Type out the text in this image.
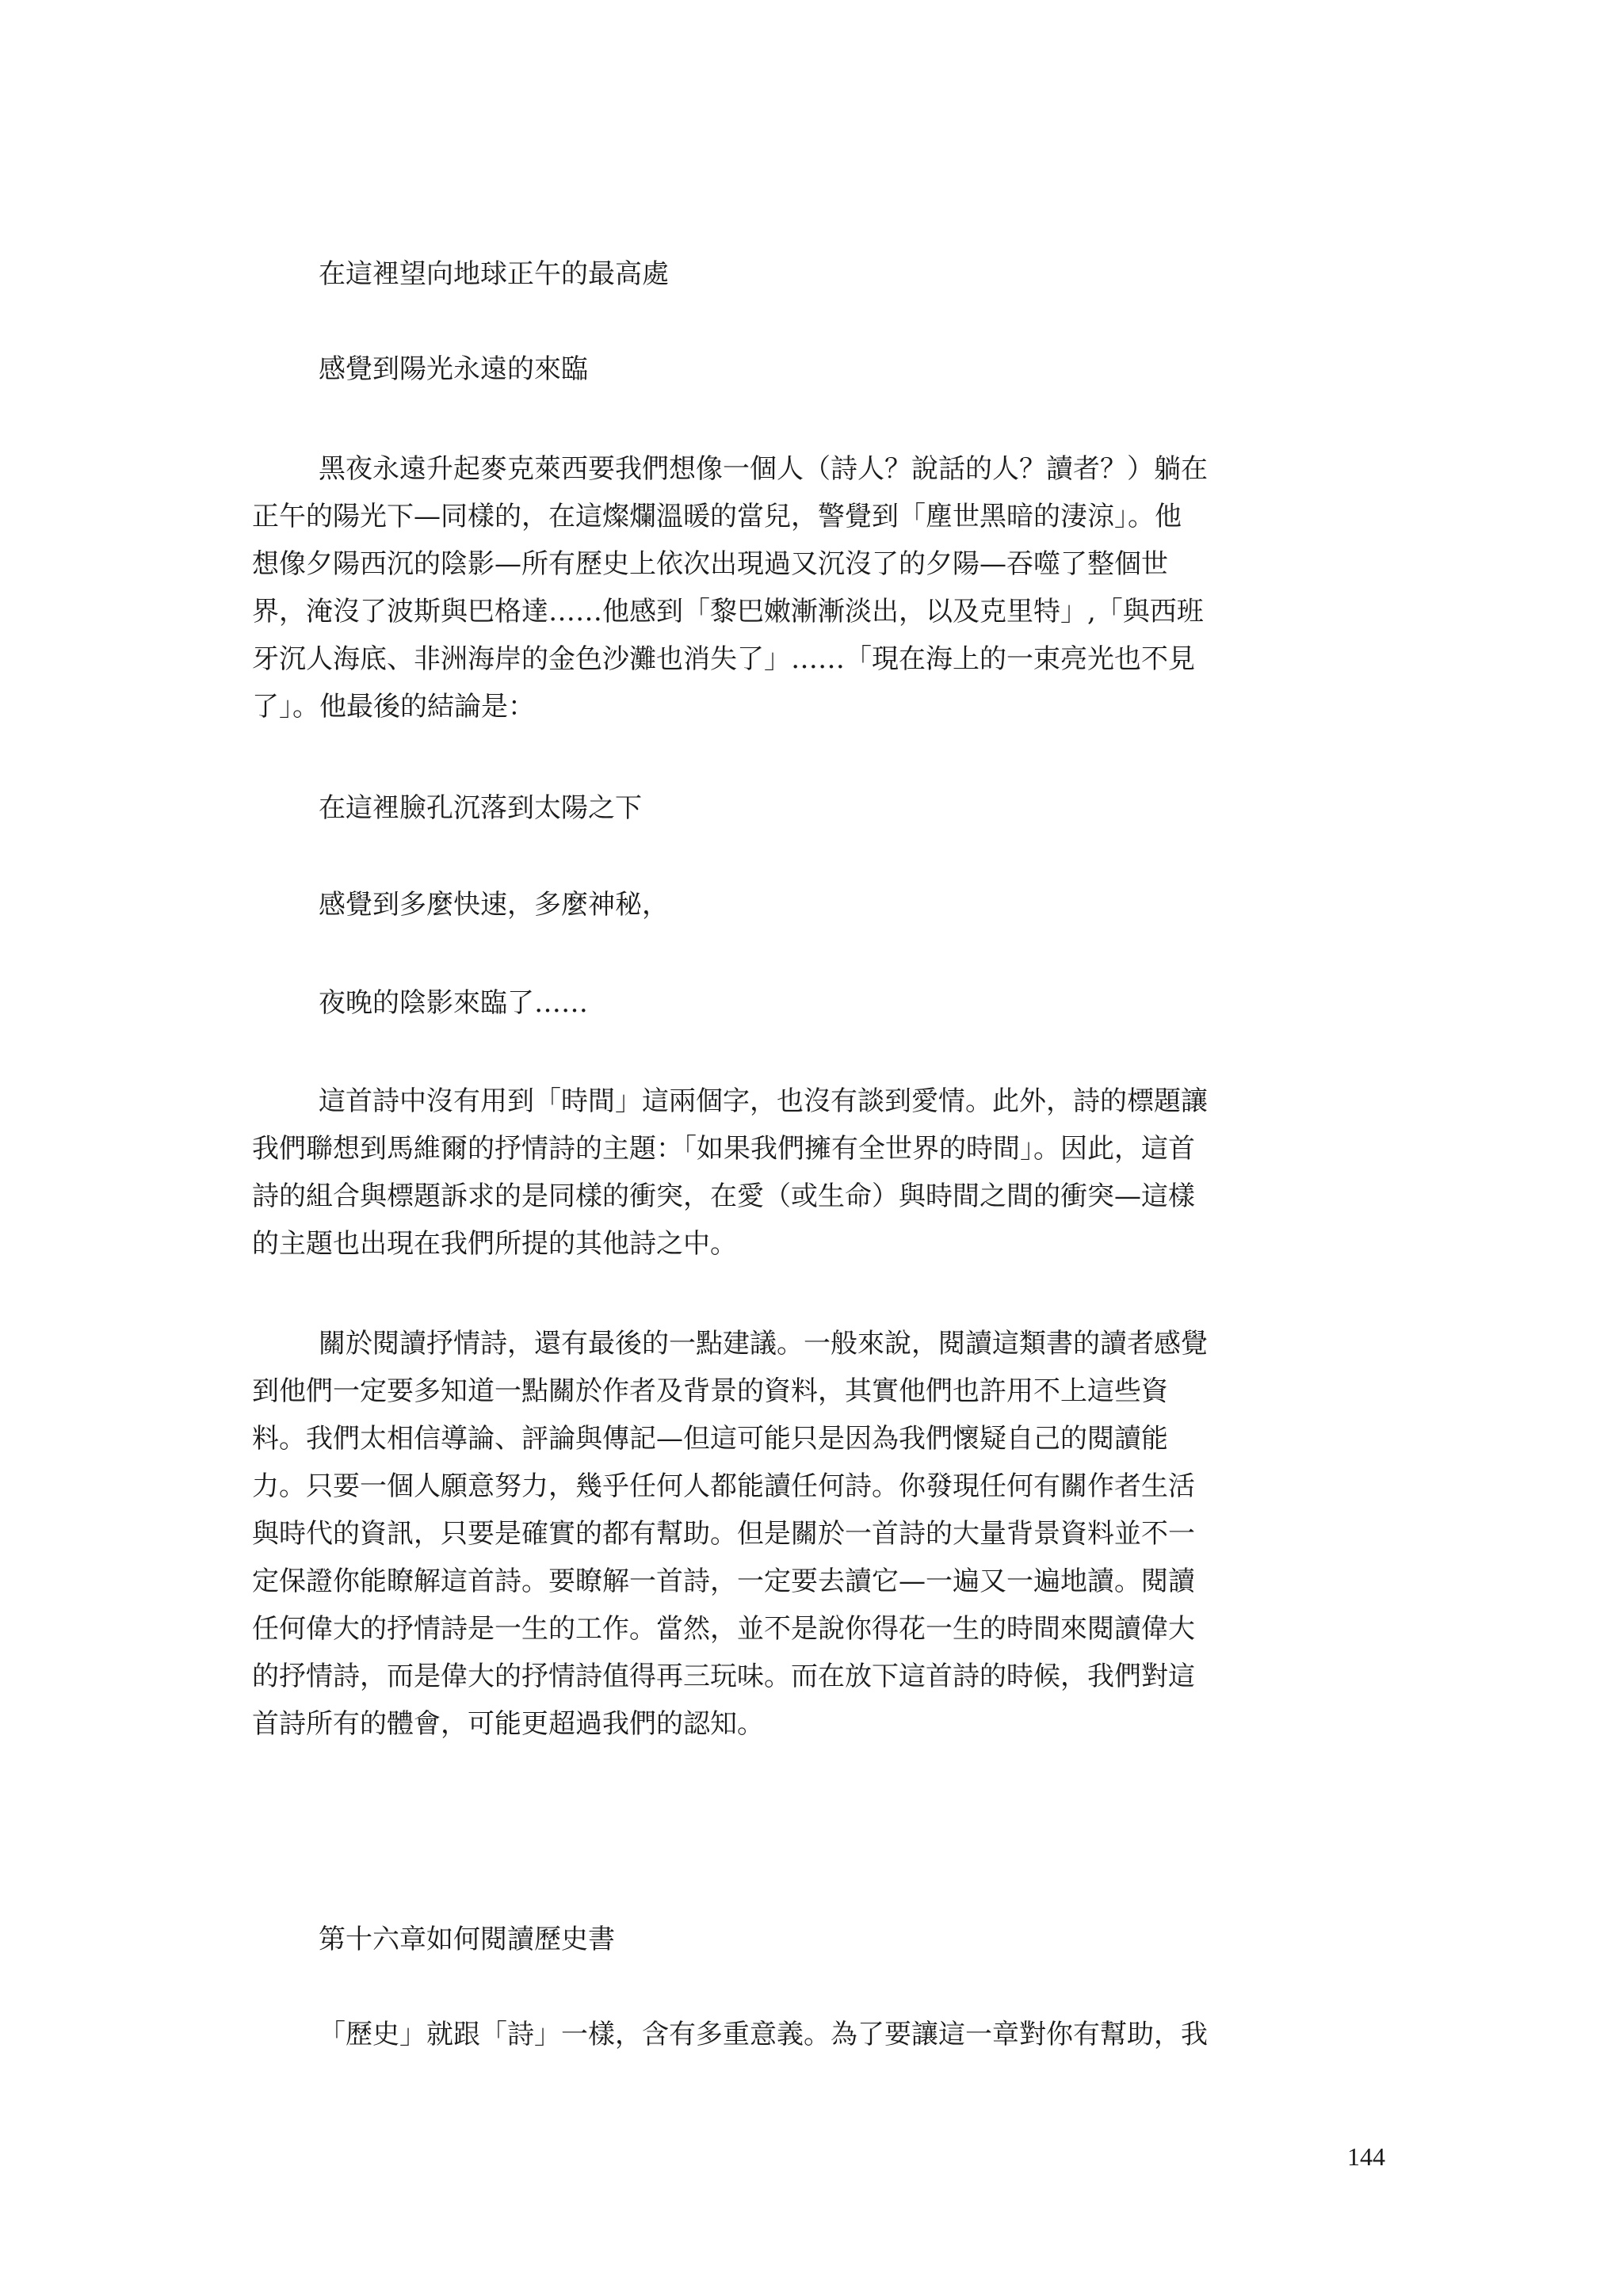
在這裡望向地球正午的最高處

感覺到陽光永遠的來臨

黑夜永遠升起麥克萊西要我們想像一個人（詩人？說話的人？讀者？）躺在

正午的陽光下—同樣的，在這燦爛溫暖的當兒，警覺到「塵世黑暗的淒涼」。他

想像夕陽西沉的陰影—所有歷史上依次出現過又沉沒了的夕陽—吞噬了整個世

界，淹沒了波斯與巴格達……他感到「黎巴嫩漸漸淡出，以及克里特」,「與西班

牙沉人海底、非洲海岸的金色沙灘也消失了」……「現在海上的一束亮光也不見

了」。他最後的結論是：

在這裡臉孔沉落到太陽之下

感覺到多麼快速，多麼神秘，

夜晚的陰影來臨了……

這首詩中沒有用到「時間」這兩個字，也沒有談到愛情。此外，詩的標題讓

我們聯想到馬維爾的抒情詩的主題：「如果我們擁有全世界的時間」。因此，這首

詩的組合與標題訴求的是同樣的衝突，在愛（或生命）與時間之間的衝突—這樣

的主題也出現在我們所提的其他詩之中。

關於閱讀抒情詩，還有最後的一點建議。一般來說，閱讀這類書的讀者感覺

到他們一定要多知道一點關於作者及背景的資料，其實他們也許用不上這些資

料。我們太相信導論、評論與傳記—但這可能只是因為我們懷疑自己的閱讀能

力。只要一個人願意努力，幾乎任何人都能讀任何詩。你發現任何有關作者生活

與時代的資訊，只要是確實的都有幫助。但是關於一首詩的大量背景資料並不一

定保證你能瞭解這首詩。要瞭解一首詩，一定要去讀它—一遍又一遍地讀。閱讀

任何偉大的抒情詩是一生的工作。當然，並不是說你得花一生的時間來閱讀偉大

的抒情詩，而是偉大的抒情詩值得再三玩味。而在放下這首詩的時候，我們對這

首詩所有的體會，可能更超過我們的認知。

第十六章如何閱讀歷史書

「歷史」就跟「詩」一樣，含有多重意義。為了要讓這一章對你有幫助，我

144
